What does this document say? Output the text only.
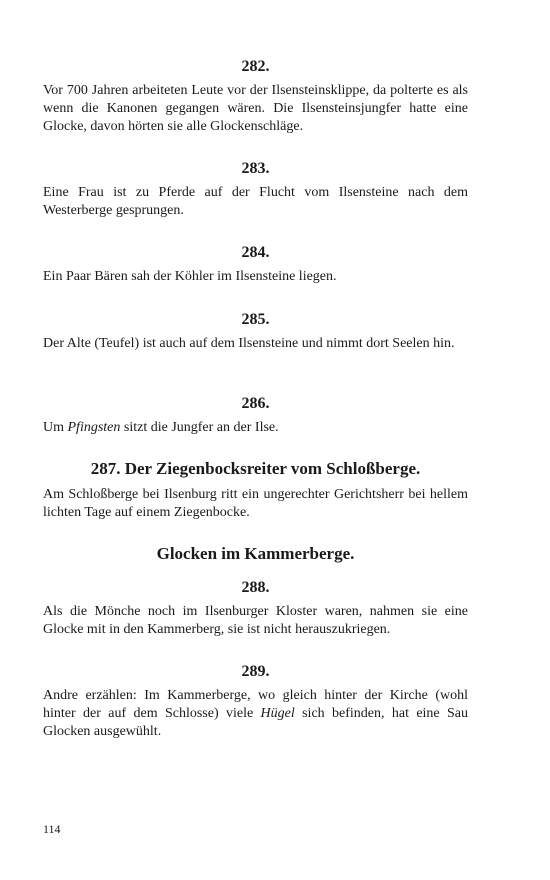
282.

Vor 700 Jahren arbeiteten Leute vor der Ilsensteinsklippe, da polterte es als wenn die Kanonen gegangen wären. Die Ilsensteinsjungfer hatte eine Glocke, davon hörten sie alle Glockenschläge.

283.

Eine Frau ist zu Pferde auf der Flucht vom Ilsensteine nach dem Westerberge gesprungen.

284.

Ein Paar Bären sah der Köhler im Ilsensteine liegen.

285.

Der Alte (Teufel) ist auch auf dem Ilsensteine und nimmt dort Seelen hin.

286.

Um Pfingsten sitzt die Jungfer an der Ilse.

287. Der Ziegenbocksreiter vom Schloßberge.

Am Schloßberge bei Ilsenburg ritt ein ungerechter Gerichtsherr bei hellem lichten Tage auf einem Ziegenbocke.

Glocken im Kammerberge.
288.

Als die Mönche noch im Ilsenburger Kloster waren, nahmen sie eine Glocke mit in den Kammerberg, sie ist nicht herauszukriegen.

289.

Andre erzählen: Im Kammerberge, wo gleich hinter der Kirche (wohl hinter der auf dem Schlosse) viele Hügel sich befinden, hat eine Sau Glocken ausgewühlt.

114
